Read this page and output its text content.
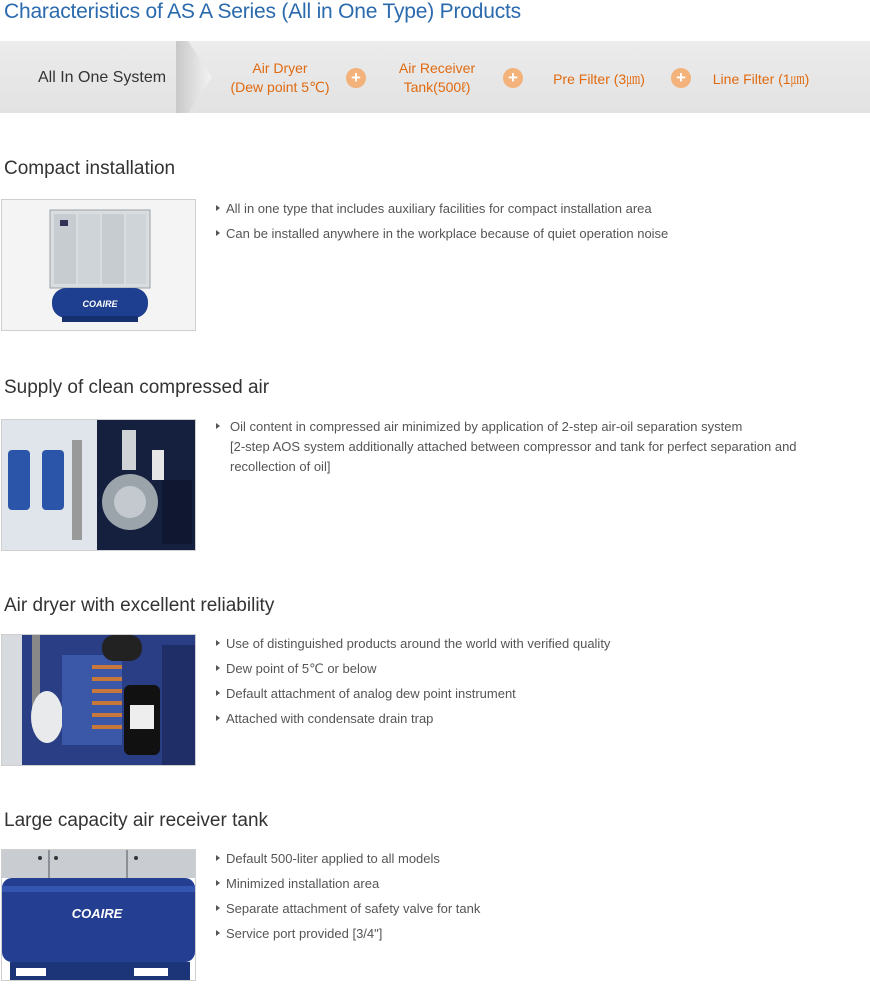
Characteristics of AS A Series (All in One Type) Products
All In One System
Air Dryer
(Dew point 5℃)	+	Air Receiver
Tank(500ℓ)	+	Pre Filter (3㎛)	+	Line Filter (1㎛)
Compact installation
COAIRE
All in one type that includes auxiliary facilities for compact installation area
Can be installed anywhere in the workplace because of quiet operation noise
Supply of clean compressed air
Oil content in compressed air minimized by application of 2-step air-oil separation system
[2-step AOS system additionally attached between compressor and tank for perfect separation and recollection of oil]
Air dryer with excellent reliability
Use of distinguished products around the world with verified quality
Dew point of 5℃ or below
Default attachment of analog dew point instrument
Attached with condensate drain trap
Large capacity air receiver tank
COAIRE
Default 500-liter applied to all models
Minimized installation area
Separate attachment of safety valve for tank
Service port provided [3/4"]
